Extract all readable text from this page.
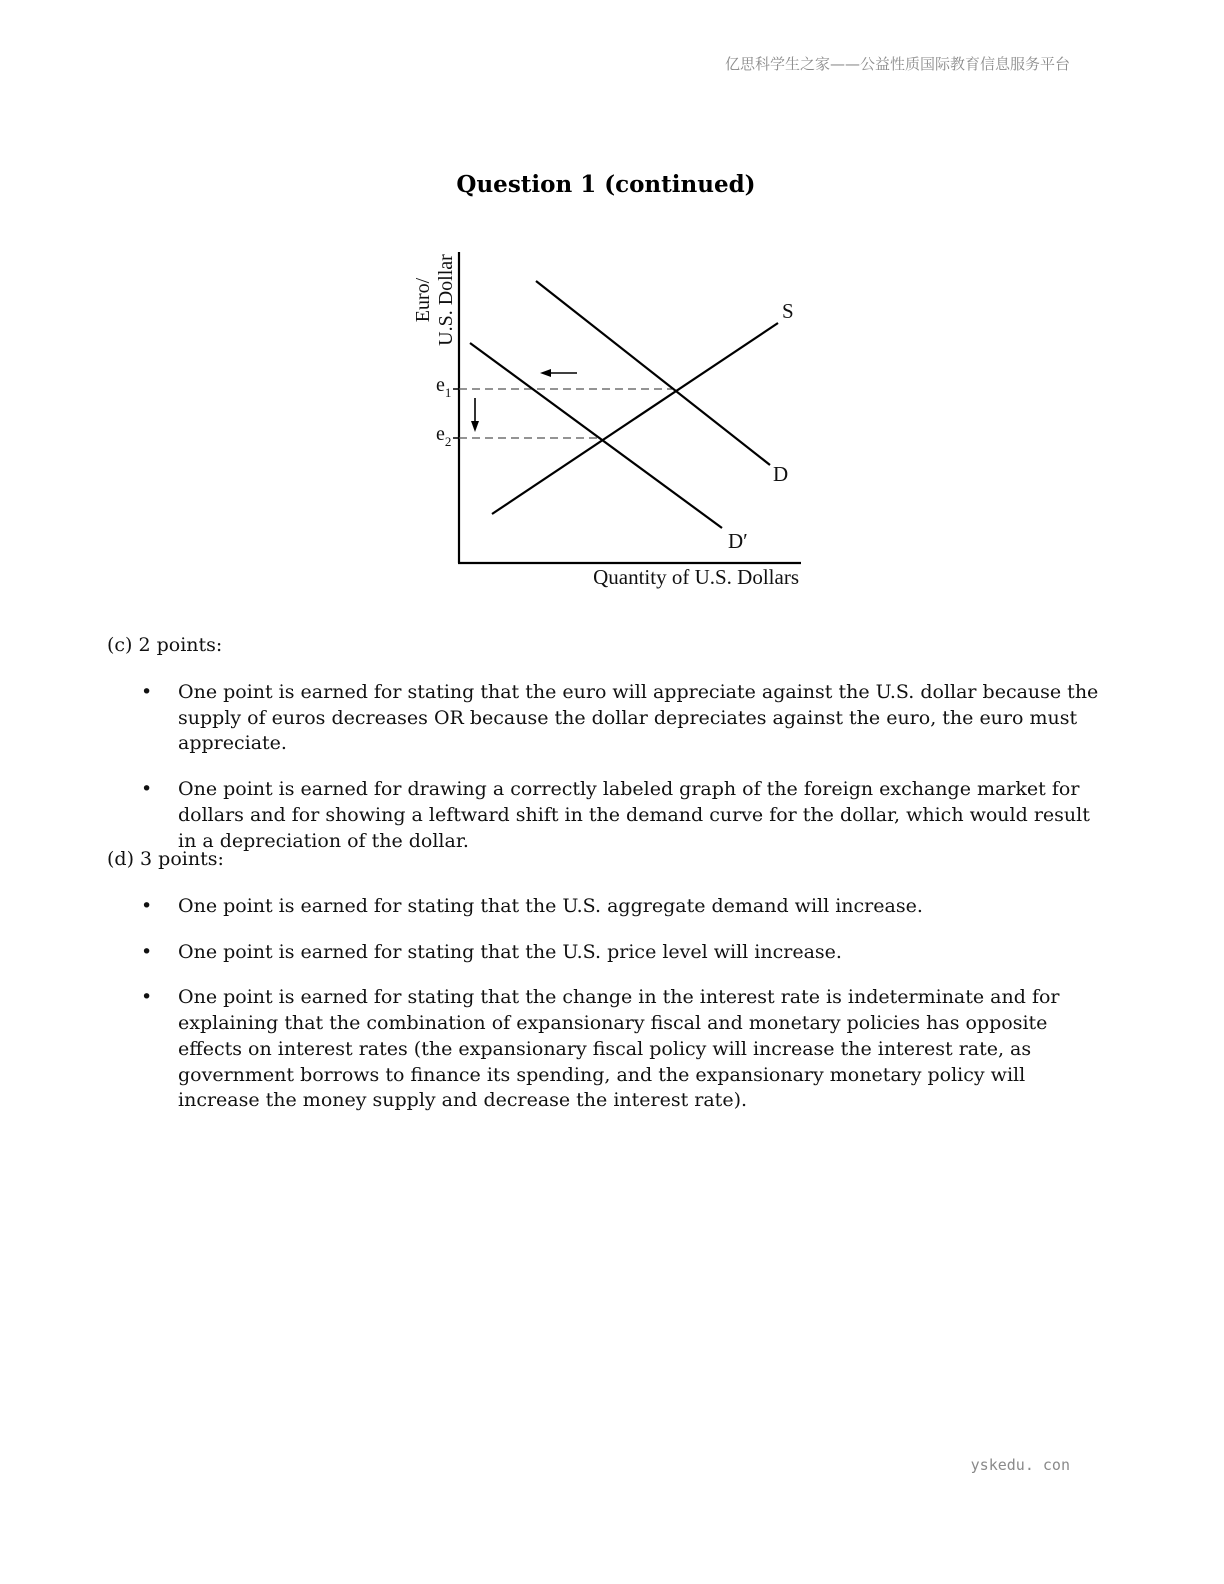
亿思科学生之家——公益性质国际教育信息服务平台
Question 1 (continued)
Euro/ U.S. Dollar
$e_1$
$e_2$
S
D
D′
Quantity of U.S. Dollars
(c) 2 points:
• One point is earned for stating that the euro will appreciate against the U.S. dollar because the supply of euros decreases OR because the dollar depreciates against the euro, the euro must appreciate.
• One point is earned for drawing a correctly labeled graph of the foreign exchange market for dollars and for showing a leftward shift in the demand curve for the dollar, which would result in a depreciation of the dollar.
(d) 3 points:
• One point is earned for stating that the U.S. aggregate demand will increase.
• One point is earned for stating that the U.S. price level will increase.
• One point is earned for stating that the change in the interest rate is indeterminate and for explaining that the combination of expansionary fiscal and monetary policies has opposite effects on interest rates (the expansionary fiscal policy will increase the interest rate, as government borrows to finance its spending, and the expansionary monetary policy will increase the money supply and decrease the interest rate).
yskedu. con
